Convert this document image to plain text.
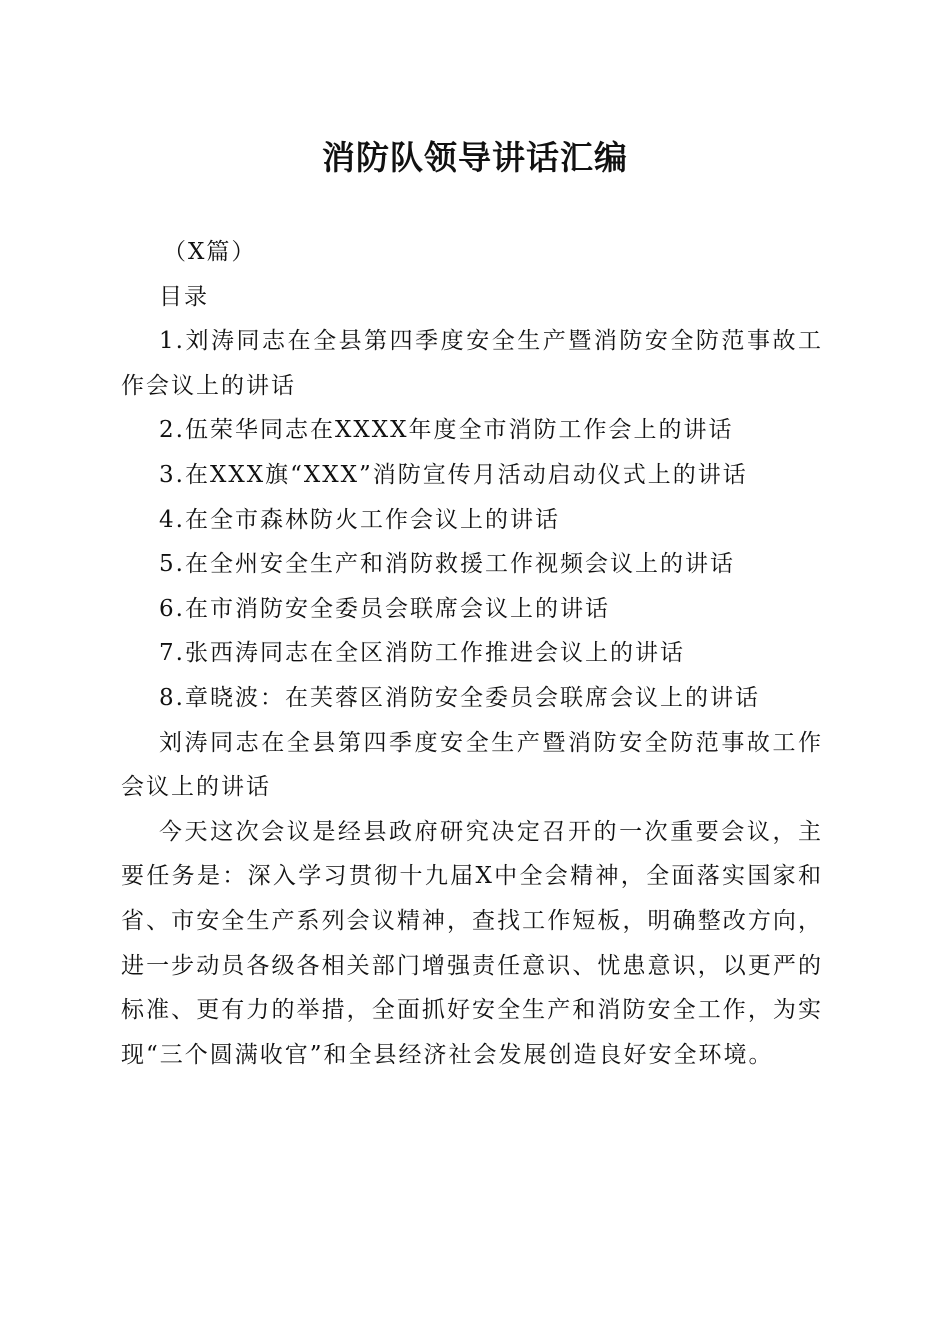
消防队领导讲话汇编

（X篇）

目录

1.刘涛同志在全县第四季度安全生产暨消防安全防范事故工作会议上的讲话

2.伍荣华同志在XXXX年度全市消防工作会上的讲话

3.在XXX旗“XXX”消防宣传月活动启动仪式上的讲话

4.在全市森林防火工作会议上的讲话

5.在全州安全生产和消防救援工作视频会议上的讲话

6.在市消防安全委员会联席会议上的讲话

7.张西涛同志在全区消防工作推进会议上的讲话

8.章晓波：在芙蓉区消防安全委员会联席会议上的讲话

刘涛同志在全县第四季度安全生产暨消防安全防范事故工作会议上的讲话

今天这次会议是经县政府研究决定召开的一次重要会议，主要任务是：深入学习贯彻十九届X中全会精神，全面落实国家和省、市安全生产系列会议精神，查找工作短板，明确整改方向，进一步动员各级各相关部门增强责任意识、忧患意识，以更严的标准、更有力的举措，全面抓好安全生产和消防安全工作，为实现“三个圆满收官”和全县经济社会发展创造良好安全环境。
